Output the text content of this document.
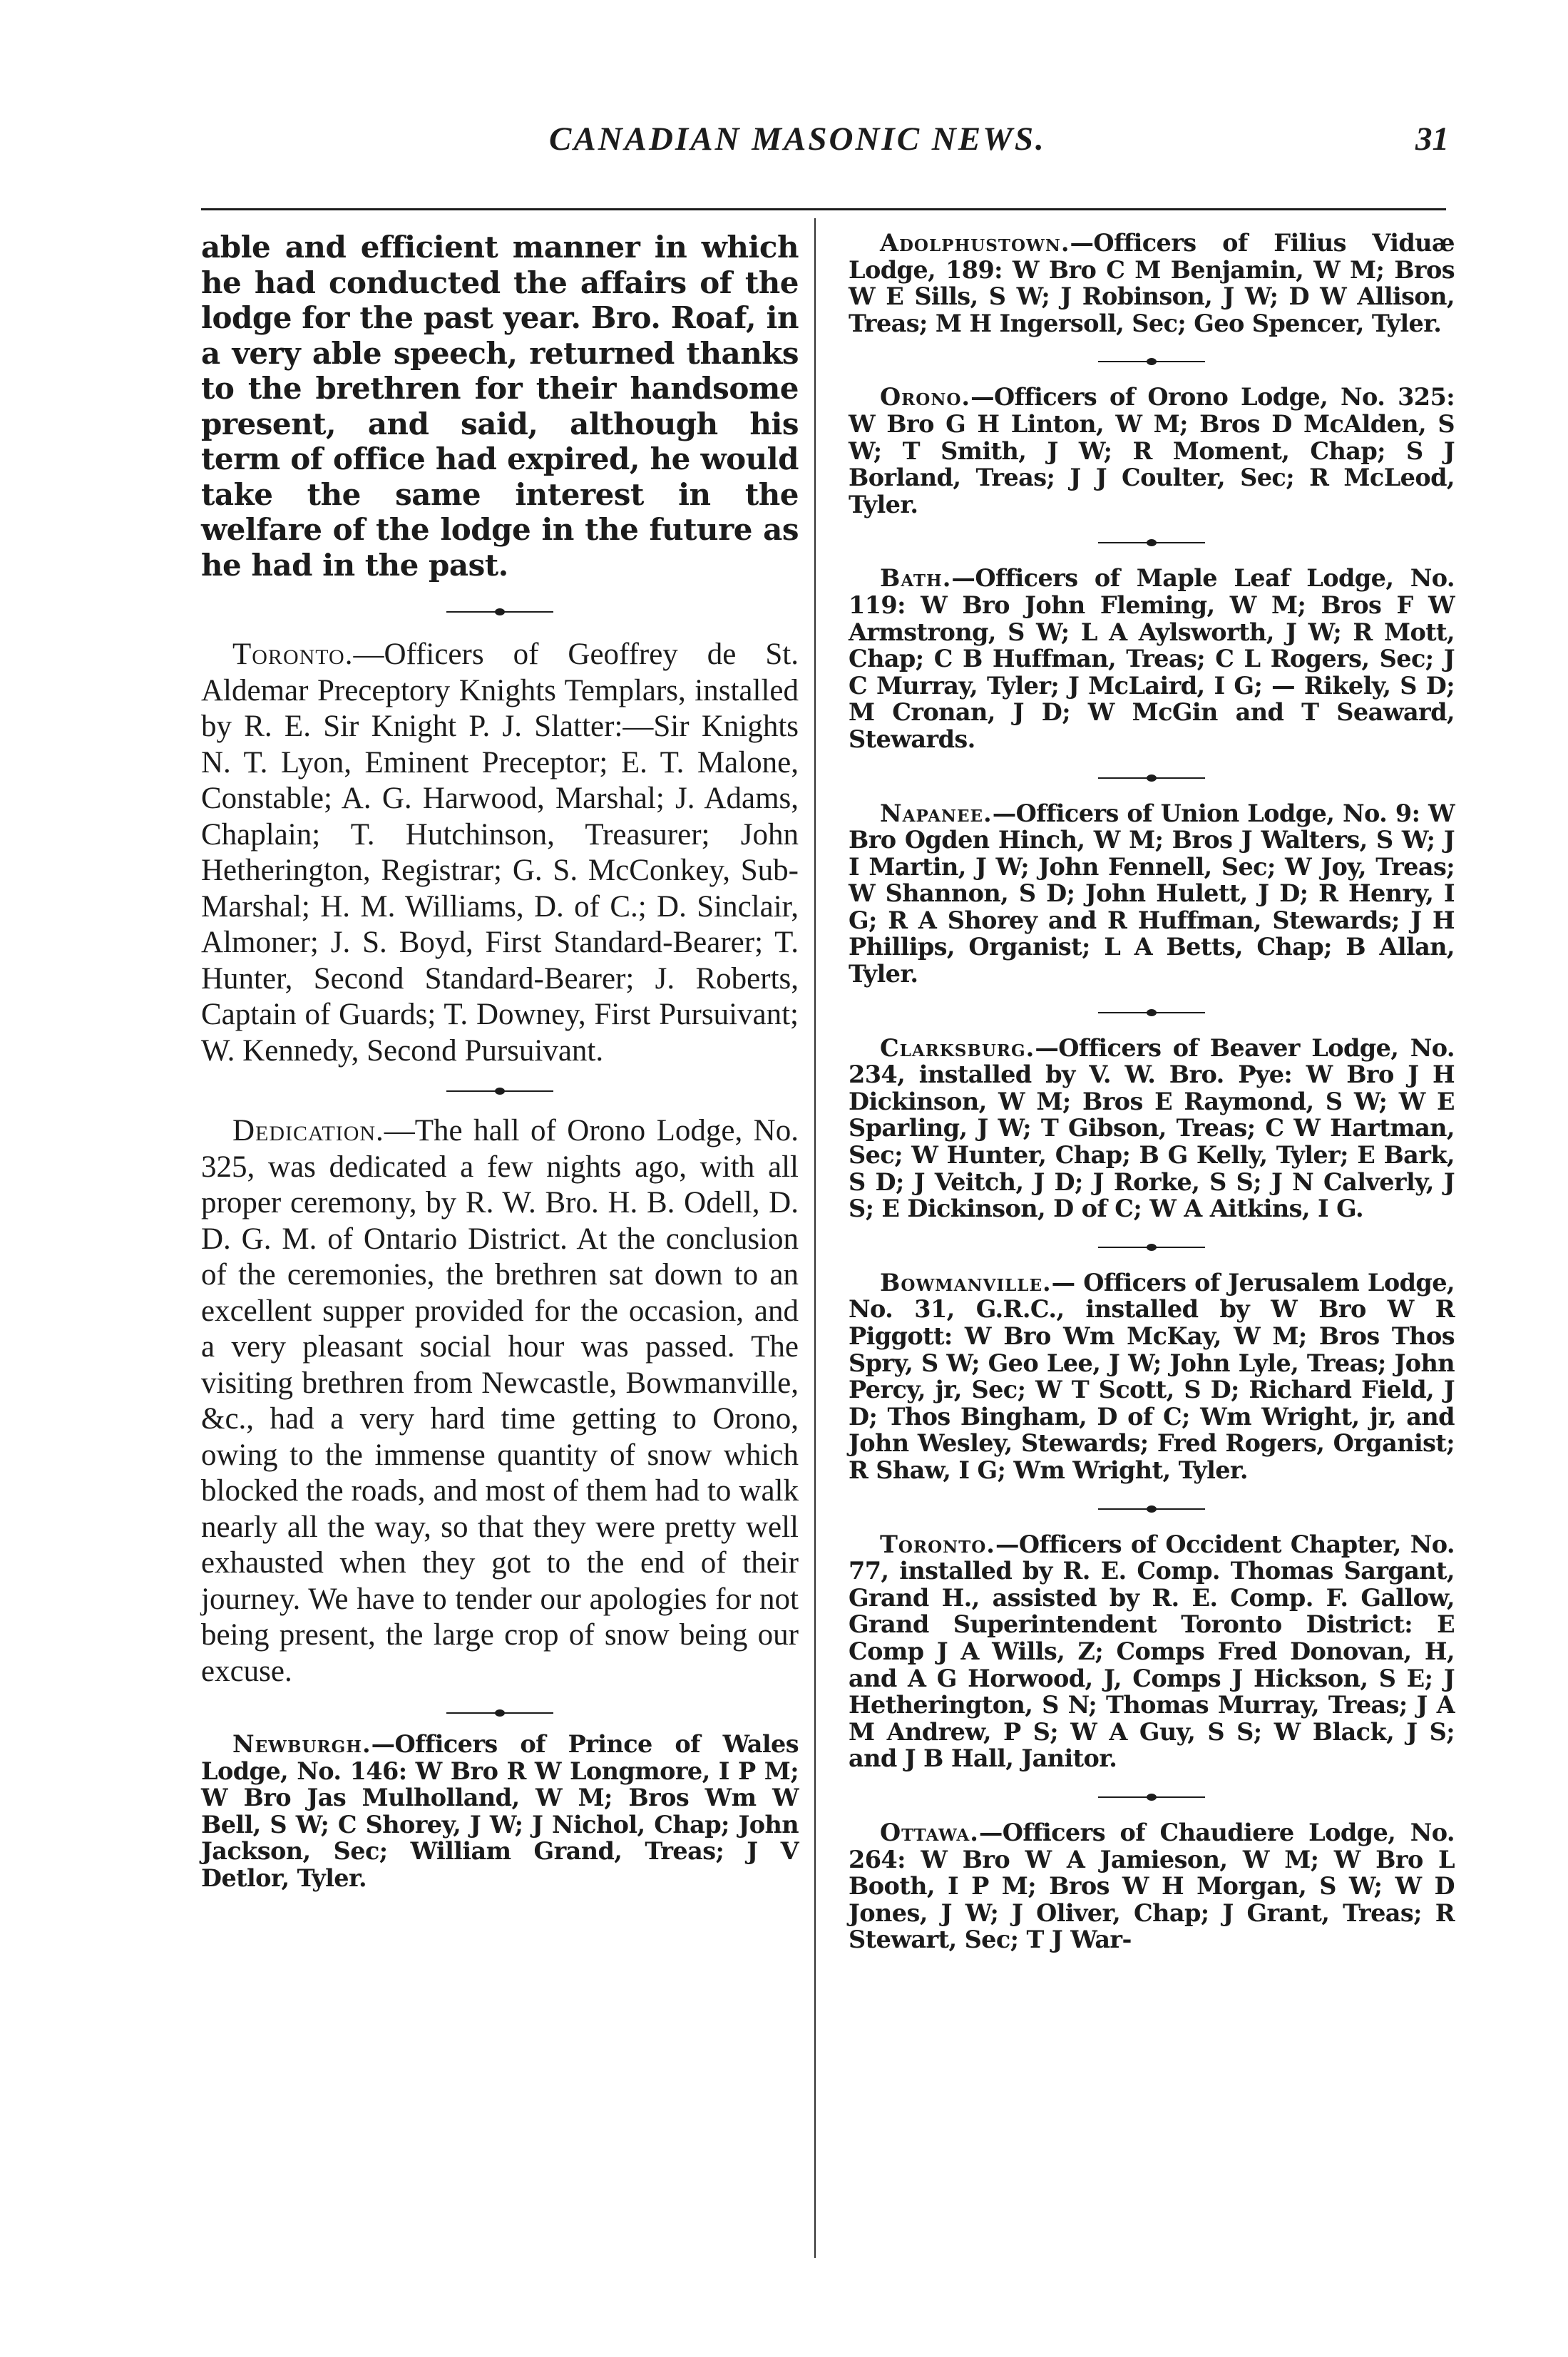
CANADIAN MASONIC NEWS.	31

able and efficient manner in which he had conducted the affairs of the lodge for the past year. Bro. Roaf, in a very able speech, returned thanks to the brethren for their handsome present, and said, although his term of office had expired, he would take the same interest in the welfare of the lodge in the future as he had in the past.

Toronto.—Officers of Geoffrey de St. Aldemar Preceptory Knights Templars, installed by R. E. Sir Knight P. J. Slatter:—Sir Knights N. T. Lyon, Eminent Preceptor; E. T. Malone, Constable; A. G. Harwood, Marshal; J. Adams, Chaplain; T. Hutchinson, Treasurer; John Hetherington, Registrar; G. S. McConkey, Sub-Marshal; H. M. Williams, D. of C.; D. Sinclair, Almoner; J. S. Boyd, First Standard-Bearer; T. Hunter, Second Standard-Bearer; J. Roberts, Captain of Guards; T. Downey, First Pursuivant; W. Kennedy, Second Pursuivant.

Dedication.—The hall of Orono Lodge, No. 325, was dedicated a few nights ago, with all proper ceremony, by R. W. Bro. H. B. Odell, D. D. G. M. of Ontario District. At the conclusion of the ceremonies, the brethren sat down to an excellent supper provided for the occasion, and a very pleasant social hour was passed. The visiting brethren from Newcastle, Bowmanville, &c., had a very hard time getting to Orono, owing to the immense quantity of snow which blocked the roads, and most of them had to walk nearly all the way, so that they were pretty well exhausted when they got to the end of their journey. We have to tender our apologies for not being present, the large crop of snow being our excuse.

Newburgh.—Officers of Prince of Wales Lodge, No. 146: W Bro R W Longmore, I P M; W Bro Jas Mulholland, W M; Bros Wm W Bell, S W; C Shorey, J W; J Nichol, Chap; John Jackson, Sec; William Grand, Treas; J V Detlor, Tyler.

Adolphustown.—Officers of Filius Viduæ Lodge, 189: W Bro C M Benjamin, W M; Bros W E Sills, S W; J Robinson, J W; D W Allison, Treas; M H Ingersoll, Sec; Geo Spencer, Tyler.

Orono.—Officers of Orono Lodge, No. 325: W Bro G H Linton, W M; Bros D McAlden, S W; T Smith, J W; R Moment, Chap; S J Borland, Treas; J J Coulter, Sec; R McLeod, Tyler.

Bath.—Officers of Maple Leaf Lodge, No. 119: W Bro John Fleming, W M; Bros F W Armstrong, S W; L A Aylsworth, J W; R Mott, Chap; C B Huffman, Treas; C L Rogers, Sec; J C Murray, Tyler; J McLaird, I G; — Rikely, S D; M Cronan, J D; W McGin and T Seaward, Stewards.

Napanee.—Officers of Union Lodge, No. 9: W Bro Ogden Hinch, W M; Bros J Walters, S W; J I Martin, J W; John Fennell, Sec; W Joy, Treas; W Shannon, S D; John Hulett, J D; R Henry, I G; R A Shorey and R Huffman, Stewards; J H Phillips, Organist; L A Betts, Chap; B Allan, Tyler.

Clarksburg.—Officers of Beaver Lodge, No. 234, installed by V. W. Bro. Pye: W Bro J H Dickinson, W M; Bros E Raymond, S W; W E Sparling, J W; T Gibson, Treas; C W Hartman, Sec; W Hunter, Chap; B G Kelly, Tyler; E Bark, S D; J Veitch, J D; J Rorke, S S; J N Calverly, J S; E Dickinson, D of C; W A Aitkins, I G.

Bowmanville.— Officers of Jerusalem Lodge, No. 31, G.R.C., installed by W Bro W R Piggott: W Bro Wm McKay, W M; Bros Thos Spry, S W; Geo Lee, J W; John Lyle, Treas; John Percy, jr, Sec; W T Scott, S D; Richard Field, J D; Thos Bingham, D of C; Wm Wright, jr, and John Wesley, Stewards; Fred Rogers, Organist; R Shaw, I G; Wm Wright, Tyler.

Toronto.—Officers of Occident Chapter, No. 77, installed by R. E. Comp. Thomas Sargant, Grand H., assisted by R. E. Comp. F. Gallow, Grand Superintendent Toronto District: E Comp J A Wills, Z; Comps Fred Donovan, H, and A G Horwood, J, Comps J Hickson, S E; J Hetherington, S N; Thomas Murray, Treas; J A M Andrew, P S; W A Guy, S S; W Black, J S; and J B Hall, Janitor.

Ottawa.—Officers of Chaudiere Lodge, No. 264: W Bro W A Jamieson, W M; W Bro L Booth, I P M; Bros W H Morgan, S W; W D Jones, J W; J Oliver, Chap; J Grant, Treas; R Stewart, Sec; T J War-
